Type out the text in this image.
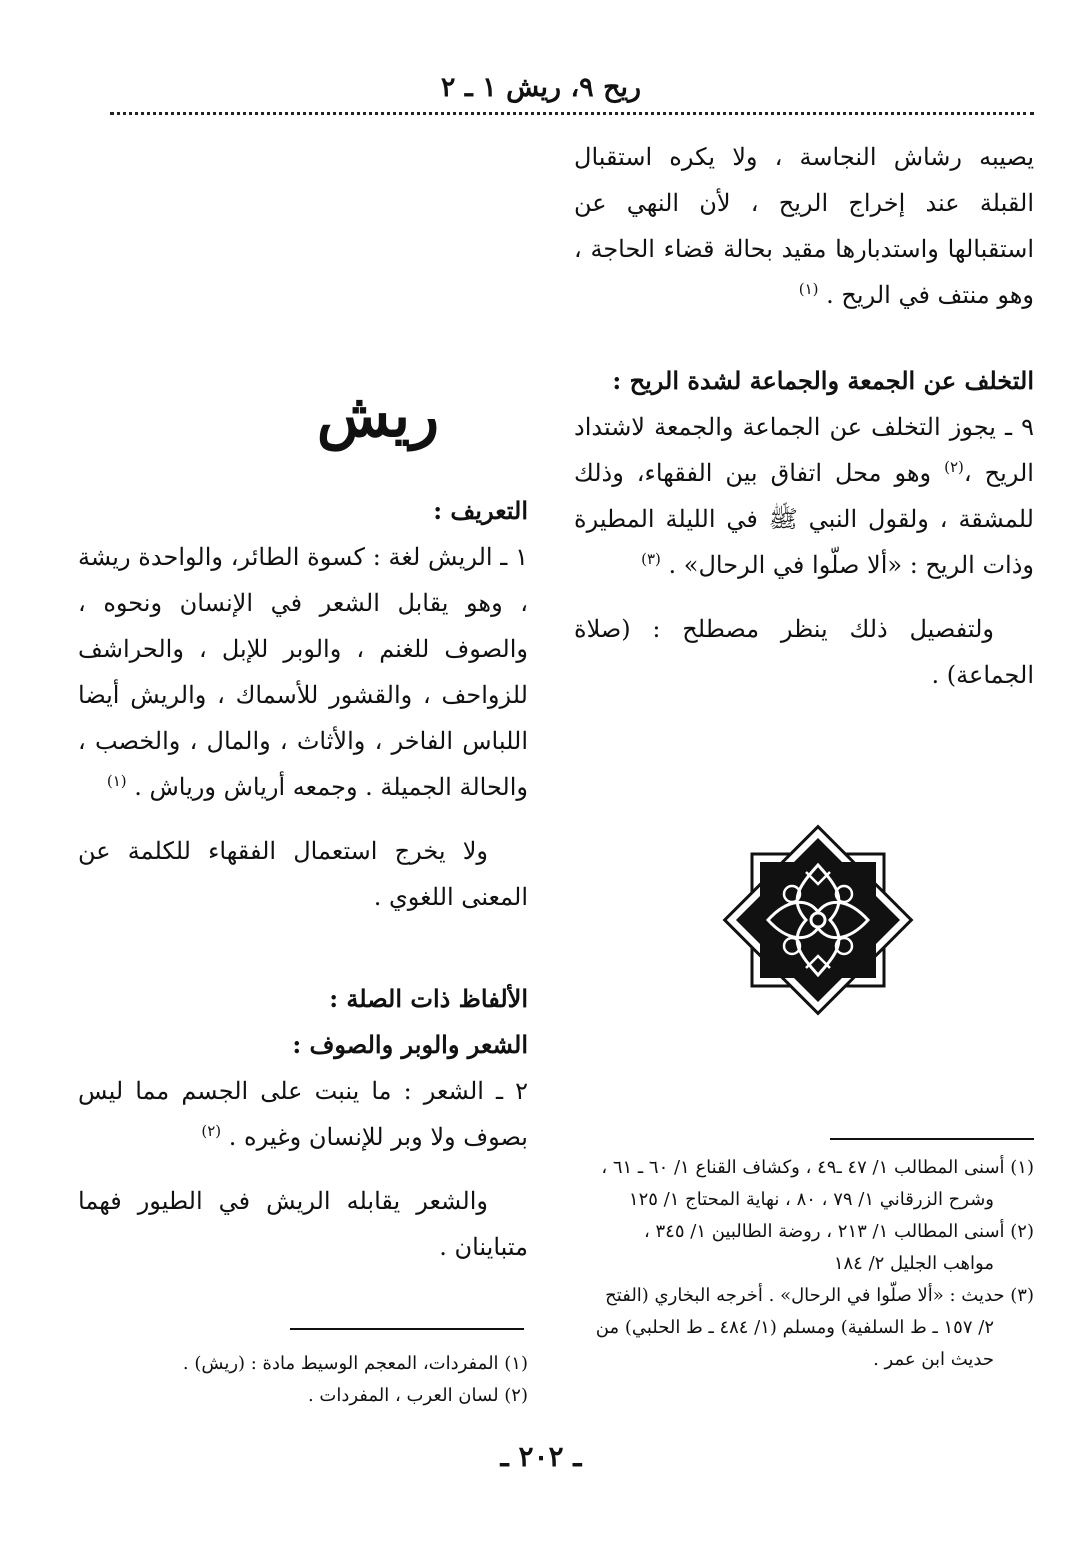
ريح ٩، ريش ١ ـ ٢

يصيبه رشاش النجاسة ، ولا يكره استقبال القبلة عند إخراج الريح ، لأن النهي عن استقبالها واستدبارها مقيد بحالة قضاء الحاجة ، وهو منتف في الريح . $^{(١)}$

التخلف عن الجمعة والجماعة لشدة الريح :

٩ ـ يجوز التخلف عن الجماعة والجمعة لاشتداد الريح ،$^{(٢)}$ وهو محل اتفاق بين الفقهاء، وذلك للمشقة ، ولقول النبي ﷺ في الليلة المطيرة وذات الريح : «ألا صلّوا في الرحال» . $^{(٣)}$

ولتفصيل ذلك ينظر مصطلح : (صلاة الجماعة) .

ريش

التعريف :

١ ـ الريش لغة : كسوة الطائر، والواحدة ريشة ، وهو يقابل الشعر في الإنسان ونحوه ، والصوف للغنم ، والوبر للإبل ، والحراشف للزواحف ، والقشور للأسماك ، والريش أيضا اللباس الفاخر ، والأثاث ، والمال ، والخصب ، والحالة الجميلة . وجمعه أرياش ورياش . $^{(١)}$

ولا يخرج استعمال الفقهاء للكلمة عن المعنى اللغوي .

الألفاظ ذات الصلة :

الشعر والوبر والصوف :

٢ ـ الشعر : ما ينبت على الجسم مما ليس بصوف ولا وبر للإنسان وغيره . $^{(٢)}$

والشعر يقابله الريش في الطيور فهما متباينان .

(١) أسنى المطالب ١/ ٤٧ ـ٤٩ ، وكشاف القناع ١/ ٦٠ ـ ٦١ ،

وشرح الزرقاني ١/ ٧٩ ، ٨٠ ، نهاية المحتاج ١/ ١٢٥

(٢) أسنى المطالب ١/ ٢١٣ ، روضة الطالبين ١/ ٣٤٥ ،

مواهب الجليل ٢/ ١٨٤

(٣) حديث : «ألا صلّوا في الرحال» . أخرجه البخاري (الفتح

٢/ ١٥٧ ـ ط السلفية) ومسلم (١/ ٤٨٤ ـ ط الحلبي) من

حديث ابن عمر .

(١) المفردات، المعجم الوسيط مادة : (ريش) .

(٢) لسان العرب ، المفردات .

ـ ٢٠٢ ـ
